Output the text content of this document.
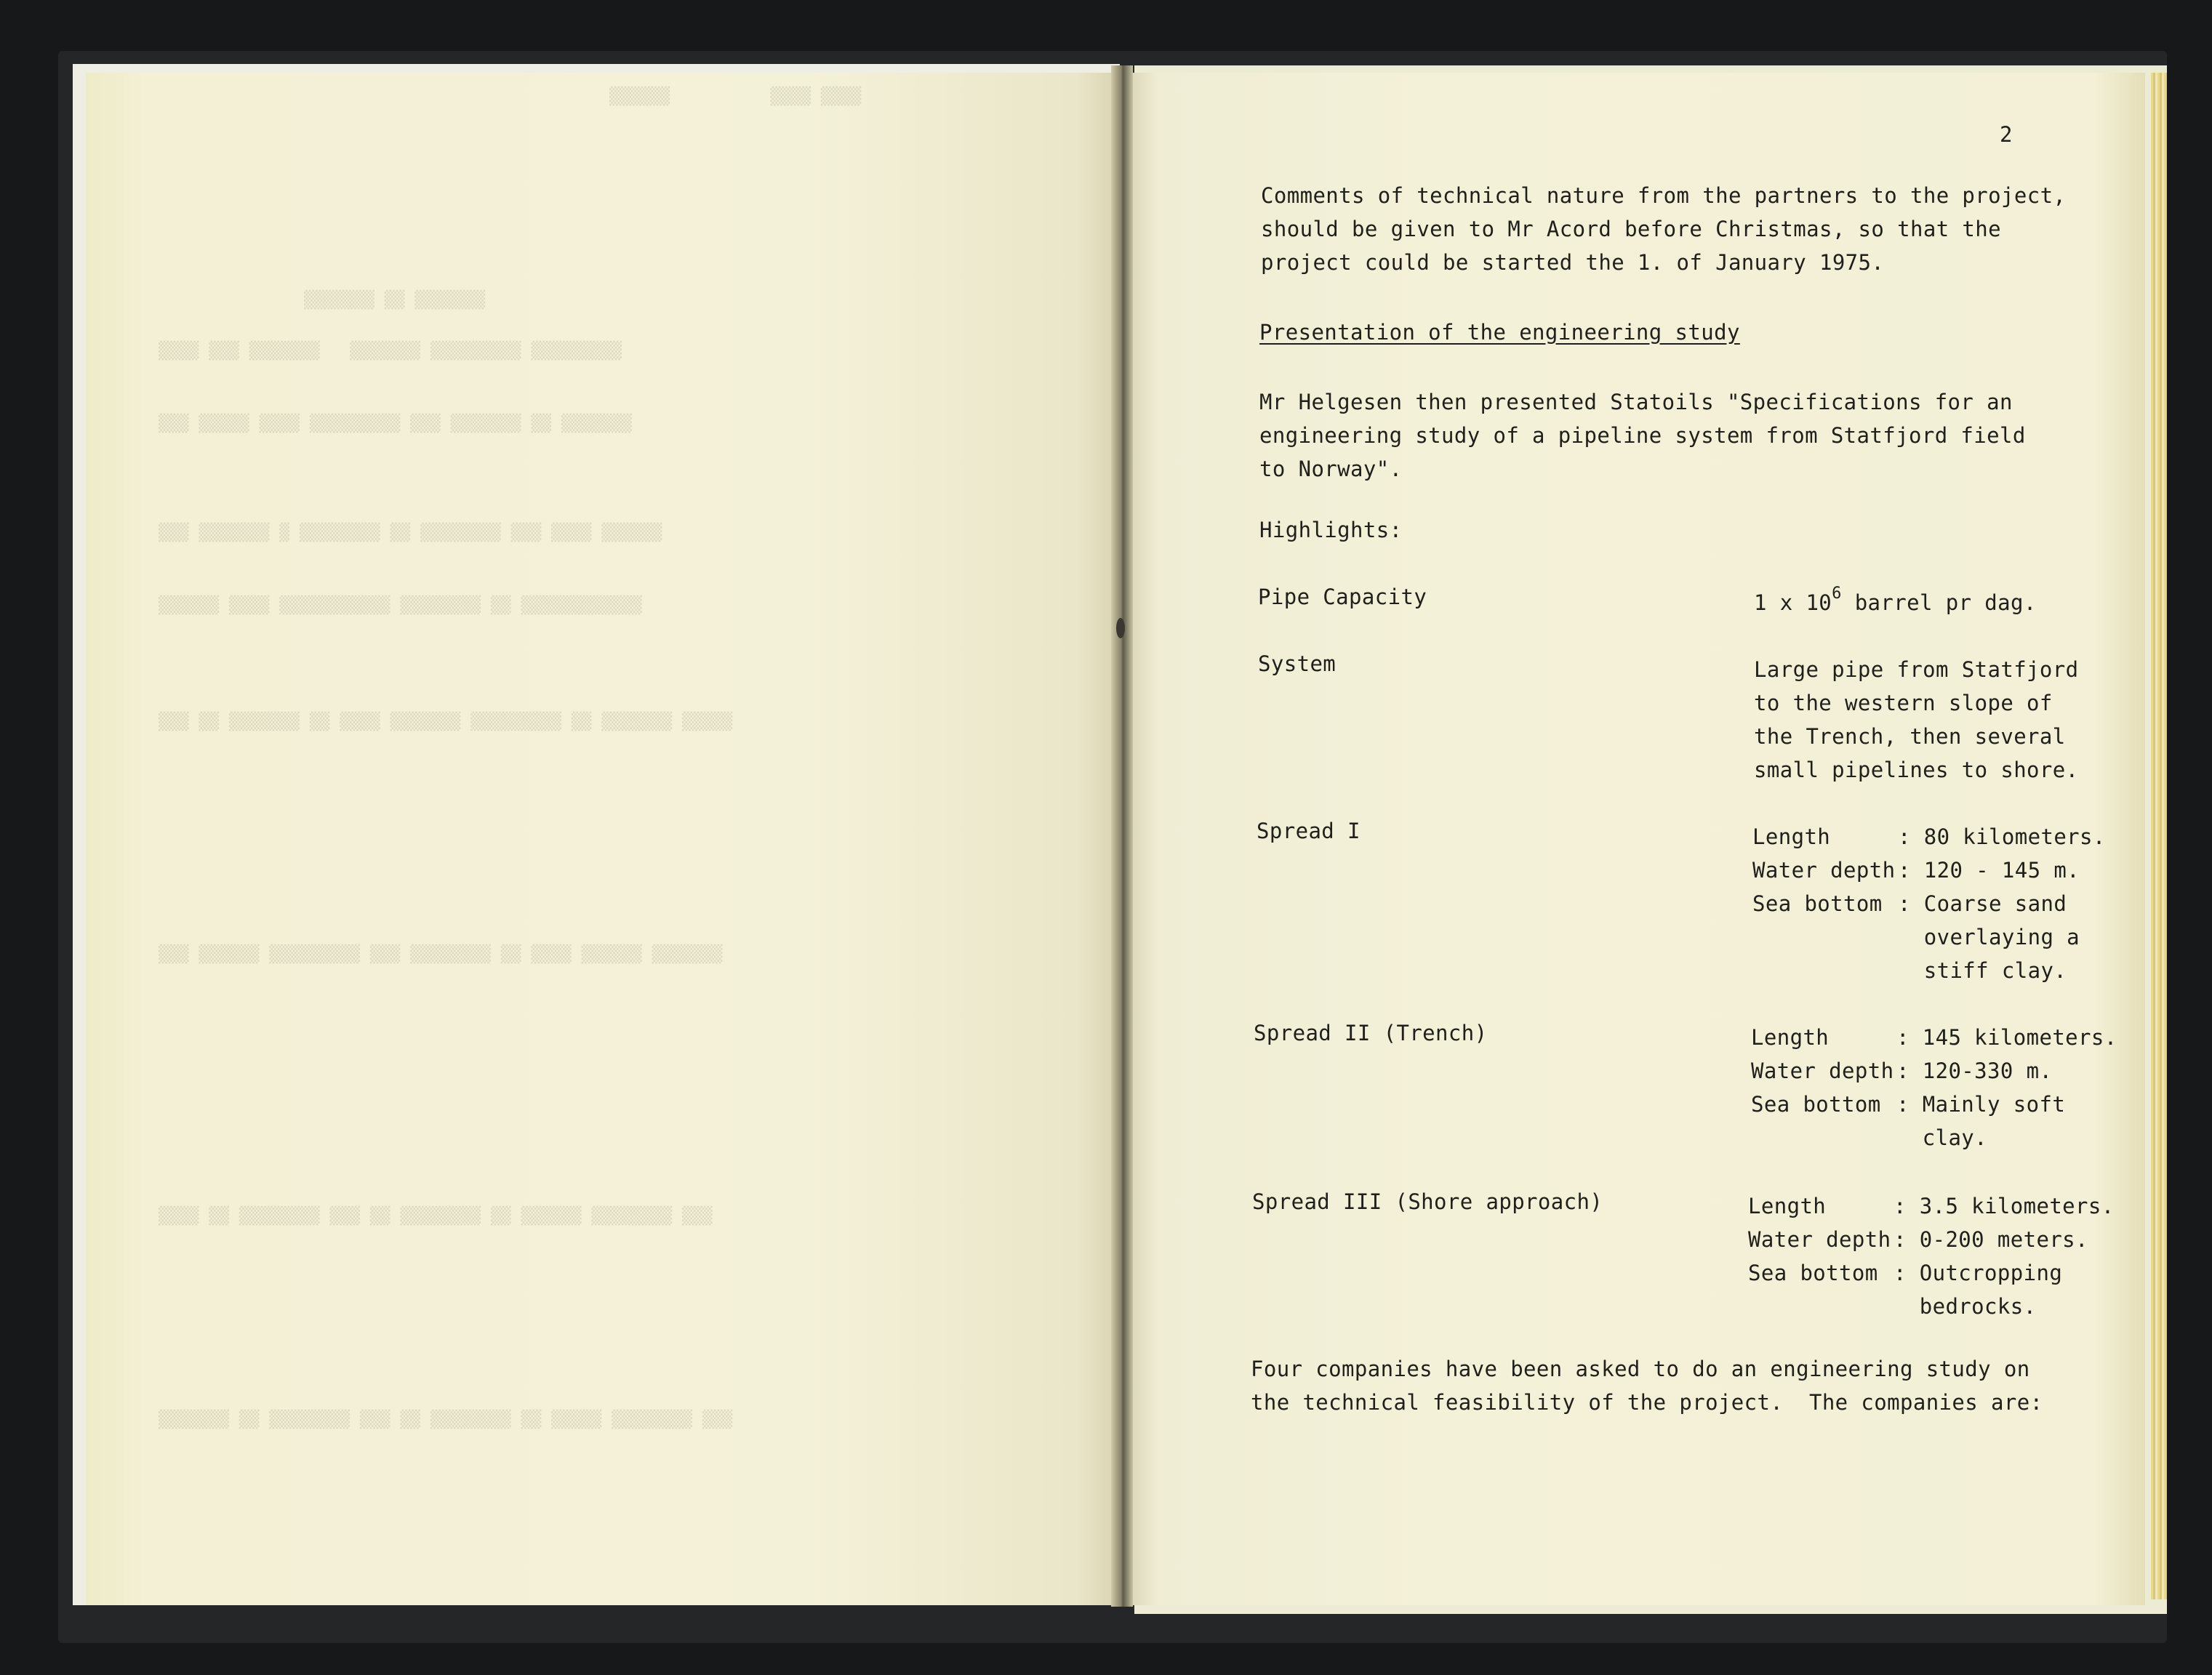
▒▒▒▒ ▒▒▒▒          ▒▒▒▒▒▒
▒▒▒▒▒▒▒ ▒▒ ▒▒▒▒▒▒▒
▒▒▒▒▒▒▒▒▒ ▒▒▒▒▒▒▒▒▒ ▒▒▒▒▒▒▒   ▒▒▒▒▒▒▒ ▒▒▒ ▒▒▒▒
▒▒▒▒▒▒▒ ▒▒ ▒▒▒▒▒▒▒ ▒▒▒ ▒▒▒▒▒▒▒▒▒ ▒▒▒▒ ▒▒▒▒▒ ▒▒▒
▒▒▒▒▒▒ ▒▒▒▒ ▒▒▒ ▒▒▒▒▒▒▒▒ ▒▒ ▒▒▒▒▒▒▒▒ ▒ ▒▒▒▒▒▒▒ ▒▒▒
▒▒▒▒▒▒▒▒▒▒▒▒ ▒▒ ▒▒▒▒▒▒▒▒ ▒▒▒▒▒▒▒▒▒▒▒ ▒▒▒▒ ▒▒▒▒▒▒
▒▒▒▒▒ ▒▒▒▒▒▒▒ ▒▒ ▒▒▒▒▒▒▒▒▒ ▒▒▒▒▒▒▒ ▒▒▒▒ ▒▒ ▒▒▒▒▒▒▒ ▒▒ ▒▒▒
▒▒▒▒▒▒▒ ▒▒▒▒▒▒ ▒▒▒▒ ▒▒ ▒▒▒▒▒▒▒▒ ▒▒▒ ▒▒▒▒▒▒▒▒▒ ▒▒▒▒▒▒ ▒▒▒
▒▒▒ ▒▒▒▒▒▒▒▒ ▒▒▒▒▒▒ ▒▒ ▒▒▒▒▒▒▒▒ ▒▒ ▒▒▒ ▒▒▒▒▒▒▒▒ ▒▒ ▒▒▒▒
▒▒▒ ▒▒▒▒▒▒▒▒ ▒▒▒▒▒ ▒▒ ▒▒▒▒▒▒▒▒ ▒▒ ▒▒▒ ▒▒▒▒▒▒▒▒ ▒▒ ▒▒▒▒▒▒▒
2
Comments of technical nature from the partners to the project,
should be given to Mr Acord before Christmas, so that the
project could be started the 1. of January 1975.
Presentation of the engineering study
Mr Helgesen then presented Statoils "Specifications for an
engineering study of a pipeline system from Statfjord field
to Norway".
Highlights:
Pipe Capacity	1 x $10^6$ barrel pr dag.
System	Large pipe from Statfjord
to the western slope of
the Trench, then several
small pipelines to shore.
Spread I	Length	: 80 kilometers.
Water depth : 120 - 145 m.
Sea bottom : Coarse sand
overlaying a
stiff clay.
Spread II (Trench)	Length	: 145 kilometers.
Water depth : 120-330 m.
Sea bottom : Mainly soft
clay.
Spread III (Shore approach)	Length	: 3.5 kilometers.
Water depth : 0-200 meters.
Sea bottom : Outcropping
bedrocks.
Four companies have been asked to do an engineering study on
the technical feasibility of the project.  The companies are:
